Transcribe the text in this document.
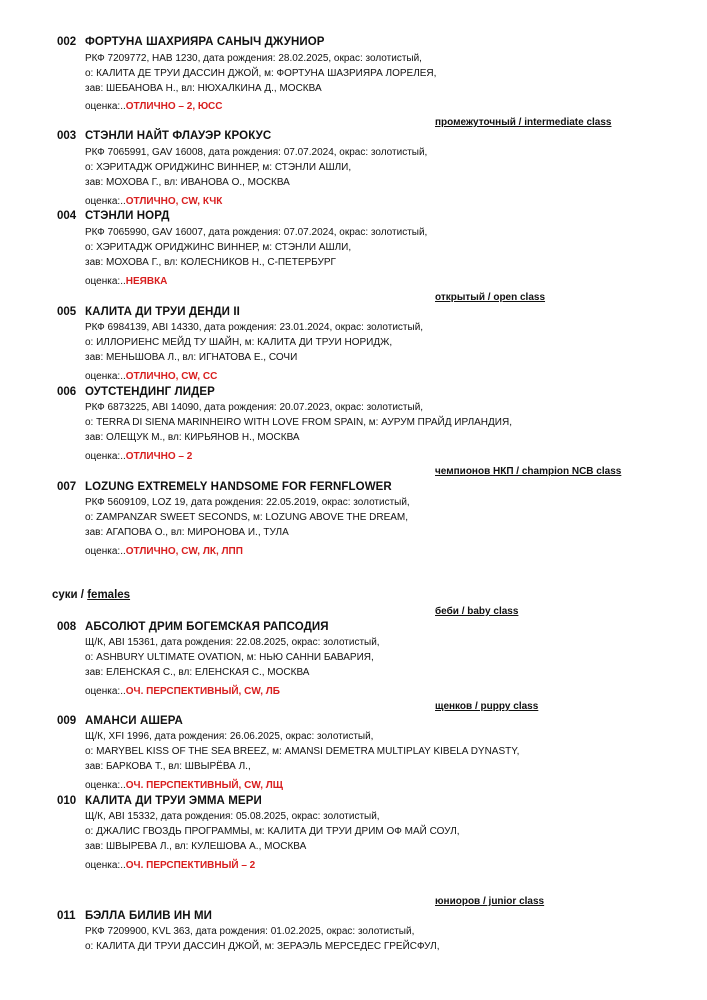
002 ФОРТУНА ШАХРИЯРА САНЫЧ ДЖУНИОР
РКФ 7209772, HAB 1230, дата рождения: 28.02.2025, окрас: золотистый,
о: КАЛИТА ДЕ ТРУИ ДАССИН ДЖОЙ, м: ФОРТУНА ШАЗРИЯРА ЛОРЕЛЕЯ,
зав: ШЕБАНОВА Н., вл: НЮХАЛКИНА Д., МОСКВА
оценка:..ОТЛИЧНО – 2, ЮСС
промежуточный / intermediate class
003 СТЭНЛИ НАЙТ ФЛАУЭР КРОКУС
РКФ 7065991, GAV 16008, дата рождения: 07.07.2024, окрас: золотистый,
о: ХЭРИТАДЖ ОРИДЖИНС ВИННЕР, м: СТЭНЛИ АШЛИ,
зав: МОХОВА Г., вл: ИВАНОВА О., МОСКВА
оценка:..ОТЛИЧНО, CW, КЧК
004 СТЭНЛИ НОРД
РКФ 7065990, GAV 16007, дата рождения: 07.07.2024, окрас: золотистый,
о: ХЭРИТАДЖ ОРИДЖИНС ВИННЕР, м: СТЭНЛИ АШЛИ,
зав: МОХОВА Г., вл: КОЛЕСНИКОВ Н., С-ПЕТЕРБУРГ
оценка:..НЕЯВКА
открытый / open class
005 КАЛИТА ДИ ТРУИ ДЕНДИ II
РКФ 6984139, ABI 14330, дата рождения: 23.01.2024, окрас: золотистый,
о: ИЛЛОРИЕНС МЕЙД ТУ ШАЙН, м: КАЛИТА ДИ ТРУИ НОРИДЖ,
зав: МЕНЬШОВА Л., вл: ИГНАТОВА Е., СОЧИ
оценка:..ОТЛИЧНО, CW, СС
006 ОУТСТЕНДИНГ ЛИДЕР
РКФ 6873225, ABI 14090, дата рождения: 20.07.2023, окрас: золотистый,
о: TERRA DI SIENA MARINHEIRO WITH LOVE FROM SPAIN, м: АУРУМ ПРАЙД ИРЛАНДИЯ,
зав: ОЛЕЩУК М., вл: КИРЬЯНОВ Н., МОСКВА
оценка:..ОТЛИЧНО – 2
чемпионов НКП / champion NCB class
007 LOZUNG EXTREMELY HANDSOME FOR FERNFLOWER
РКФ 5609109, LOZ 19, дата рождения: 22.05.2019, окрас: золотистый,
о: ZAMPANZAR SWEET SECONDS, м: LOZUNG ABOVE THE DREAM,
зав: АГАПОВА О., вл: МИРОНОВА И., ТУЛА
оценка:..ОТЛИЧНО, CW, ЛК, ЛПП
суки / females
беби / baby class
008 АБСОЛЮТ ДРИМ БОГЕМСКАЯ РАПСОДИЯ
Щ/К, ABI 15361, дата рождения: 22.08.2025, окрас: золотистый,
о: ASHBURY ULTIMATE OVATION, м: НЬЮ САННИ БАВАРИЯ,
зав: ЕЛЕНСКАЯ С., вл: ЕЛЕНСКАЯ С., МОСКВА
оценка:..ОЧ. ПЕРСПЕКТИВНЫЙ, CW, ЛБ
щенков / puppy class
009 АМАНСИ АШЕРА
Щ/К, XFI 1996, дата рождения: 26.06.2025, окрас: золотистый,
о: MARYBEL KISS OF THE SEA BREEZ, м: AMANSI DEMETRA MULTIPLAY KIBELA DYNASTY,
зав: БАРКОВА Т., вл: ШВЫРЁВА Л.,
оценка:..ОЧ. ПЕРСПЕКТИВНЫЙ, CW, ЛЩ
010 КАЛИТА ДИ ТРУИ ЭММА МЕРИ
Щ/К, ABI 15332, дата рождения: 05.08.2025, окрас: золотистый,
о: ДЖАЛИС ГВОЗДЬ ПРОГРАММЫ, м: КАЛИТА ДИ ТРУИ ДРИМ ОФ МАЙ СОУЛ,
зав: ШВЫРЕВА Л., вл: КУЛЕШОВА А., МОСКВА
оценка:..ОЧ. ПЕРСПЕКТИВНЫЙ – 2
юниоров / junior class
011 БЭЛЛА БИЛИВ ИН МИ
РКФ 7209900, KVL 363, дата рождения: 01.02.2025, окрас: золотистый,
о: КАЛИТА ДИ ТРУИ ДАССИН ДЖОЙ, м: ЗЕРАЭЛЬ МЕРСЕДЕС ГРЕЙСФУЛ,
